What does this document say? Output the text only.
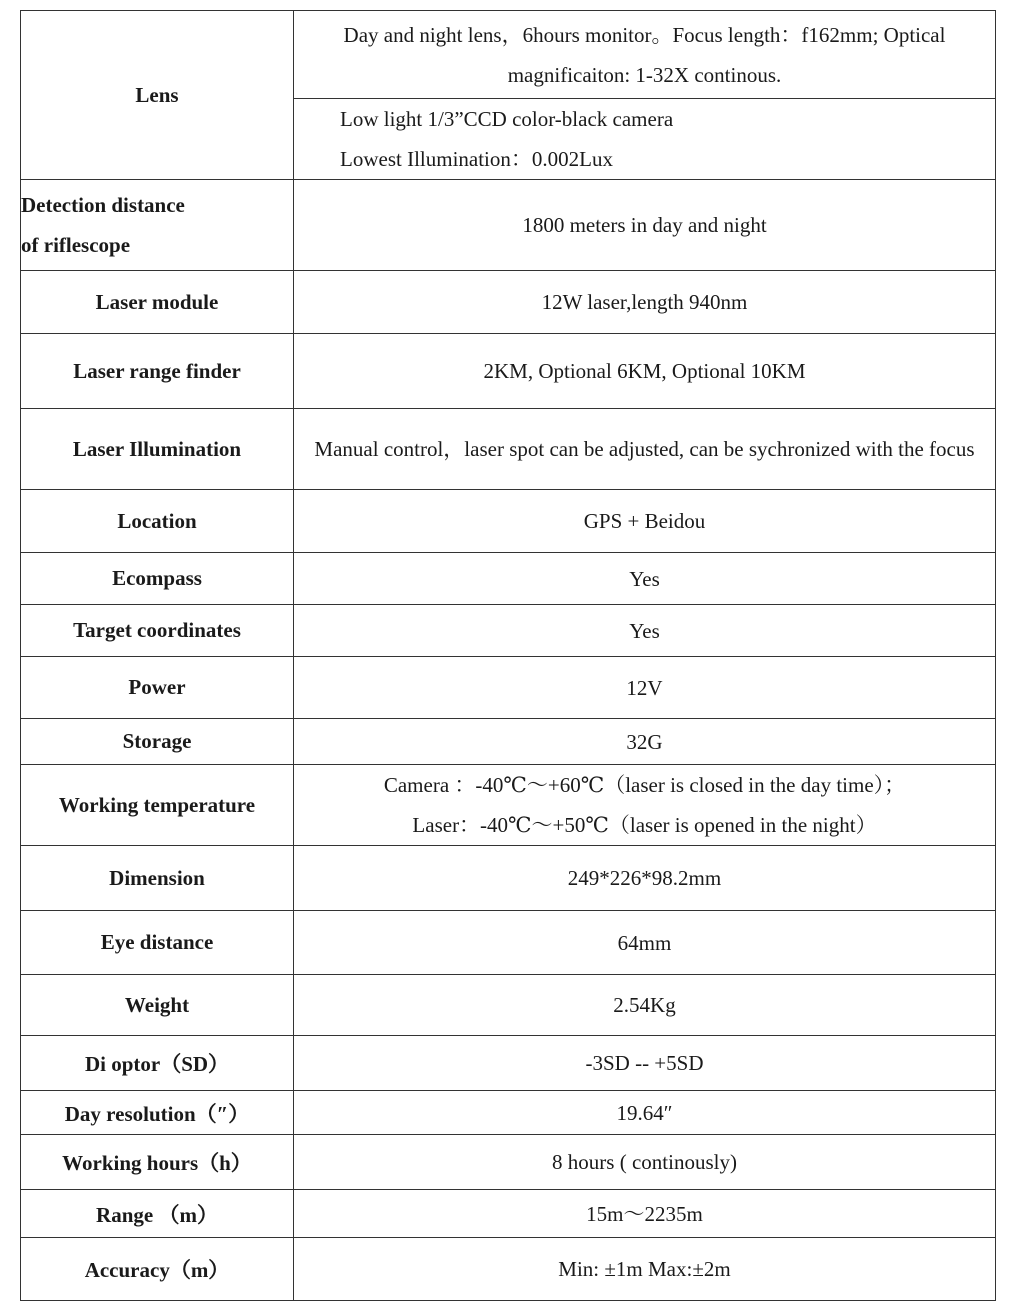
Lens	Day and night lens，6hours monitor。Focus length：f162mm; Optical magnificaiton: 1-32X continous.

	Low light 1/3”CCD color-black camera
Lowest Illumination：0.002Lux

Detection distance
of riflescope	1800 meters in day and night
Laser module	12W laser,length 940nm
Laser range finder	2KM, Optional 6KM, Optional 10KM
Laser Illumination	Manual control，laser spot can be adjusted, can be sychronized with the focus
Location	GPS + Beidou
Ecompass	Yes
Target coordinates	Yes
Power	12V
Storage	32G
Working temperature	Camera ：-40℃～+60℃（laser is closed in the day time）；
Laser：-40℃～+50℃（laser is opened in the night）

Dimension	249*226*98.2mm
Eye distance	64mm
Weight	2.54Kg
Di optor（SD）	-3SD -- +5SD
Day resolution（″）	19.64″
Working hours（h）	8 hours ( continously)
Range （m）	15m～2235m
Accuracy（m）	Min: ±1m Max:±2m
